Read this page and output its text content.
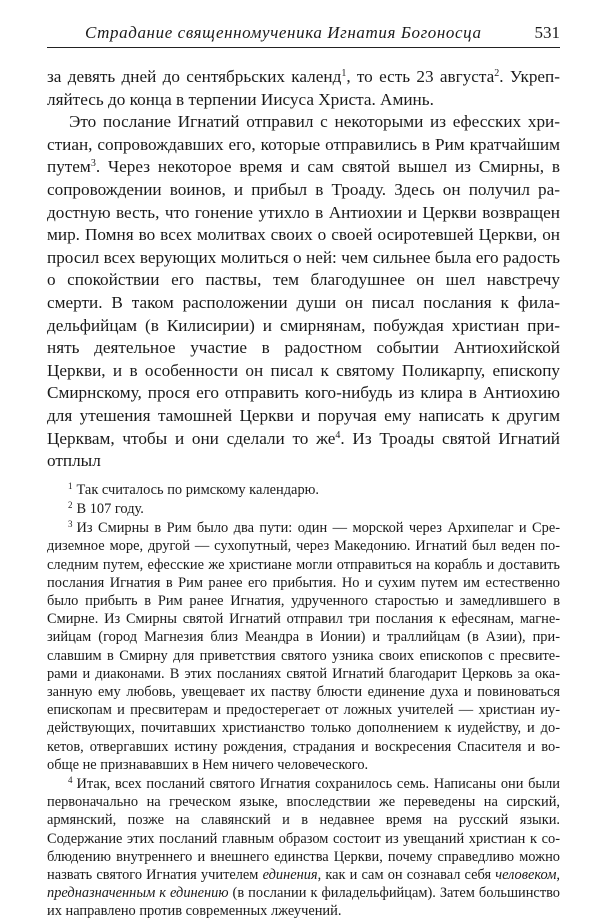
Страдание священномученика Игнатия Богоносца	531

за девять дней до сентябрьских календ$^1$, то есть 23 августа$^2$. Укрепляйтесь до конца в терпении Иисуса Христа. Аминь.

Это послание Игнатий отправил с некоторыми из ефесских христиан, сопровождавших его, которые отправились в Рим кратчайшим путем$^3$. Через некоторое время и сам святой вышел из Смирны, в сопровождении воинов, и прибыл в Троаду. Здесь он получил радостную весть, что гонение утихло в Антиохии и Церкви возвращен мир. Помня во всех молитвах своих о своей осиротевшей Церкви, он просил всех верующих молиться о ней: чем сильнее была его радость о спокойствии его паствы, тем благодушнее он шел навстречу смерти. В таком расположении души он писал послания к филадельфийцам (в Килисирии) и смирнянам, побуждая христиан принять деятельное участие в радостном событии Антиохийской Церкви, и в особенности он писал к святому Поликарпу, епископу Смирнскому, прося его отправить кого-нибудь из клира в Антиохию для утешения тамошней Церкви и поручая ему написать к другим Церквам, чтобы и они сделали то $же^4$. Из Троады святой Игнатий отплыл

$^1$ Так считалось по римскому календарю.

$^2$ В 107 году.

$^3$ Из Смирны в Рим было два пути: один — морской через Архипелаг и Средиземное море, другой — сухопутный, через Македонию. Игнатий был веден последним путем, ефесские же христиане могли отправиться на корабль и доставить послания Игнатия в Рим ранее его прибытия. Но и сухим путем им естественно было прибыть в Рим ранее Игнатия, удрученного старостью и замедлившего в Смирне. Из Смирны святой Игнатий отправил три послания к ефесянам, магнезийцам (город Магнезия близ Меандра в Ионии) и траллийцам (в Азии), приславшим в Смирну для приветствия святого узника своих епископов с пресвитерами и диаконами. В этих посланиях святой Игнатий благодарит Церковь за оказанную ему любовь, увещевает их паству блюсти единение духа и повиноваться епископам и пресвитерам и предостерегает от ложных учителей — христиан иудействующих, почитавших христианство только дополнением к иудейству, и докетов, отвергавших истину рождения, страдания и воскресения Спасителя и вообще не признававших в Нем ничего человеческого.

$^4$ Итак, всех посланий святого Игнатия сохранилось семь. Написаны они были первоначально на греческом языке, впоследствии же переведены на сирский, армянский, позже на славянский и в недавнее время на русский языки. Содержание этих посланий главным образом состоит из увещаний христиан к соблюдению внутреннего и внешнего единства Церкви, почему справедливо можно назвать святого Игнатия учителем единения, как и сам он сознавал себя человеком, предназначенным к единению (в послании к филадельфийцам). Затем большинство их направлено против современных лжеучений.
